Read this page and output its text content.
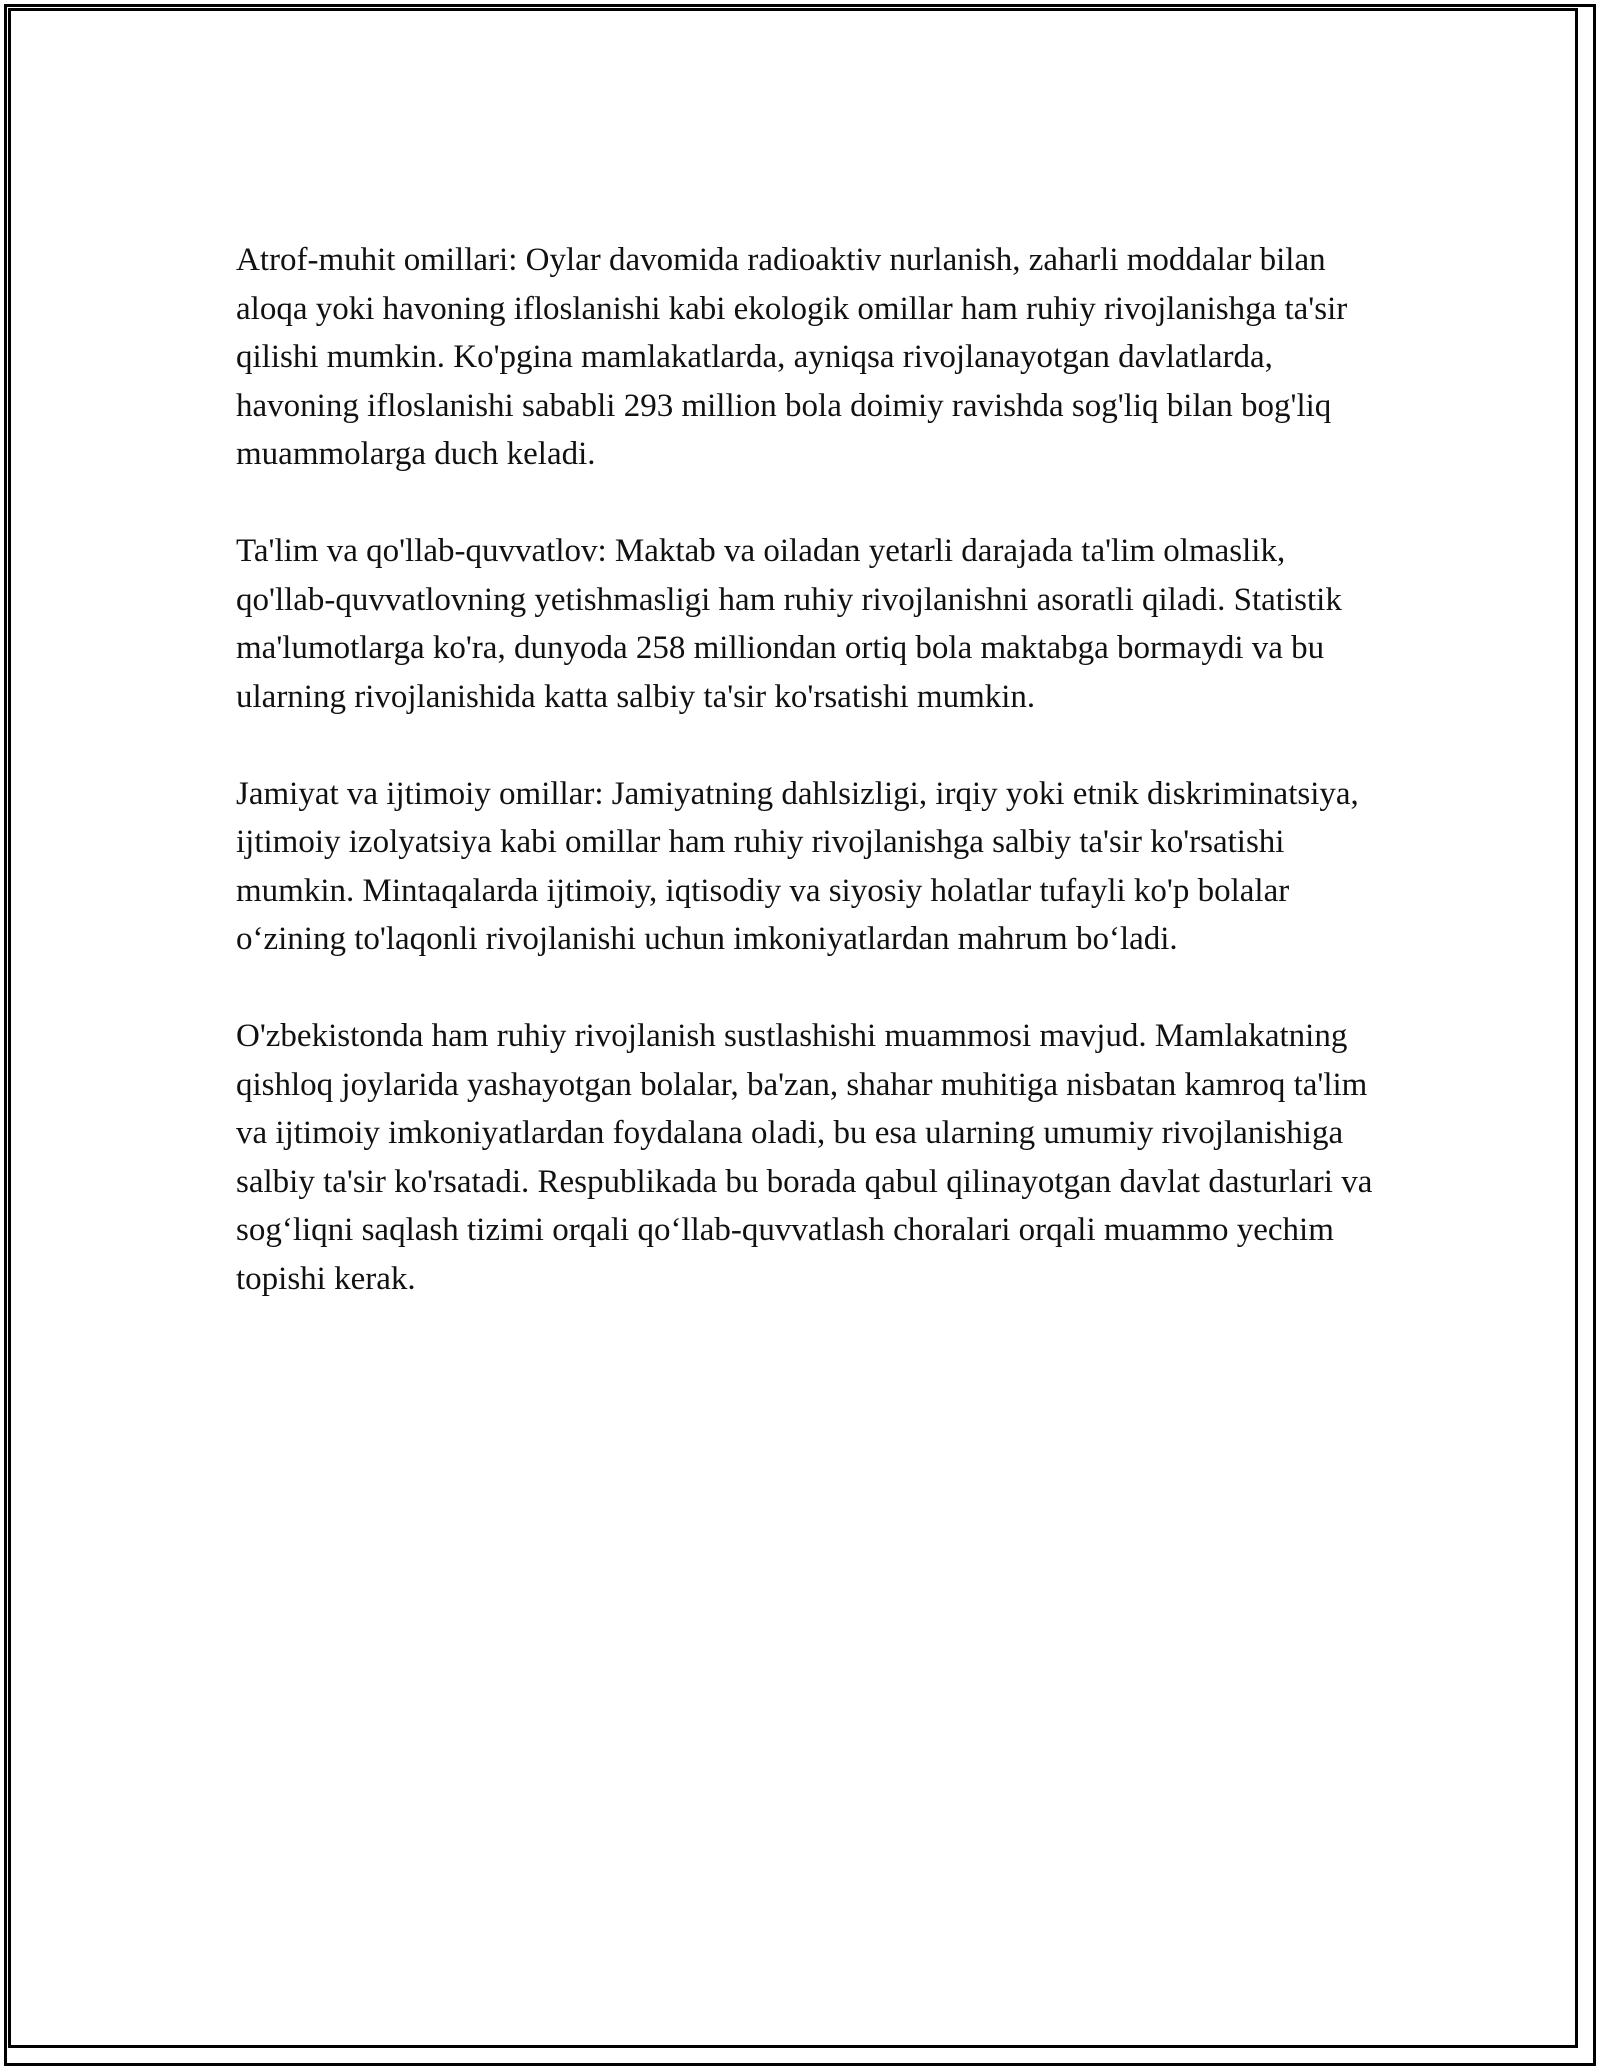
Atrof-muhit omillari: Oylar davomida radioaktiv nurlanish, zaharli moddalar bilan aloqa yoki havoning ifloslanishi kabi ekologik omillar ham ruhiy rivojlanishga ta'sir qilishi mumkin. Ko'pgina mamlakatlarda, ayniqsa rivojlanayotgan davlatlarda, havoning ifloslanishi sababli 293 million bola doimiy ravishda sog'liq bilan bog'liq muammolarga duch keladi.

Ta'lim va qo'llab-quvvatlov: Maktab va oiladan yetarli darajada ta'lim olmaslik, qo'llab-quvvatlovning yetishmasligi ham ruhiy rivojlanishni asoratli qiladi. Statistik ma'lumotlarga ko'ra, dunyoda 258 milliondan ortiq bola maktabga bormaydi va bu ularning rivojlanishida katta salbiy ta'sir ko'rsatishi mumkin.

Jamiyat va ijtimoiy omillar: Jamiyatning dahlsizligi, irqiy yoki etnik diskriminatsiya, ijtimoiy izolyatsiya kabi omillar ham ruhiy rivojlanishga salbiy ta'sir ko'rsatishi mumkin. Mintaqalarda ijtimoiy, iqtisodiy va siyosiy holatlar tufayli ko'p bolalar o‘zining to'laqonli rivojlanishi uchun imkoniyatlardan mahrum bo‘ladi.

O'zbekistonda ham ruhiy rivojlanish sustlashishi muammosi mavjud. Mamlakatning qishloq joylarida yashayotgan bolalar, ba'zan, shahar muhitiga nisbatan kamroq ta'lim va ijtimoiy imkoniyatlardan foydalana oladi, bu esa ularning umumiy rivojlanishiga salbiy ta'sir ko'rsatadi. Respublikada bu borada qabul qilinayotgan davlat dasturlari va sog‘liqni saqlash tizimi orqali qo‘llab-quvvatlash choralari orqali muammo yechim topishi kerak.
